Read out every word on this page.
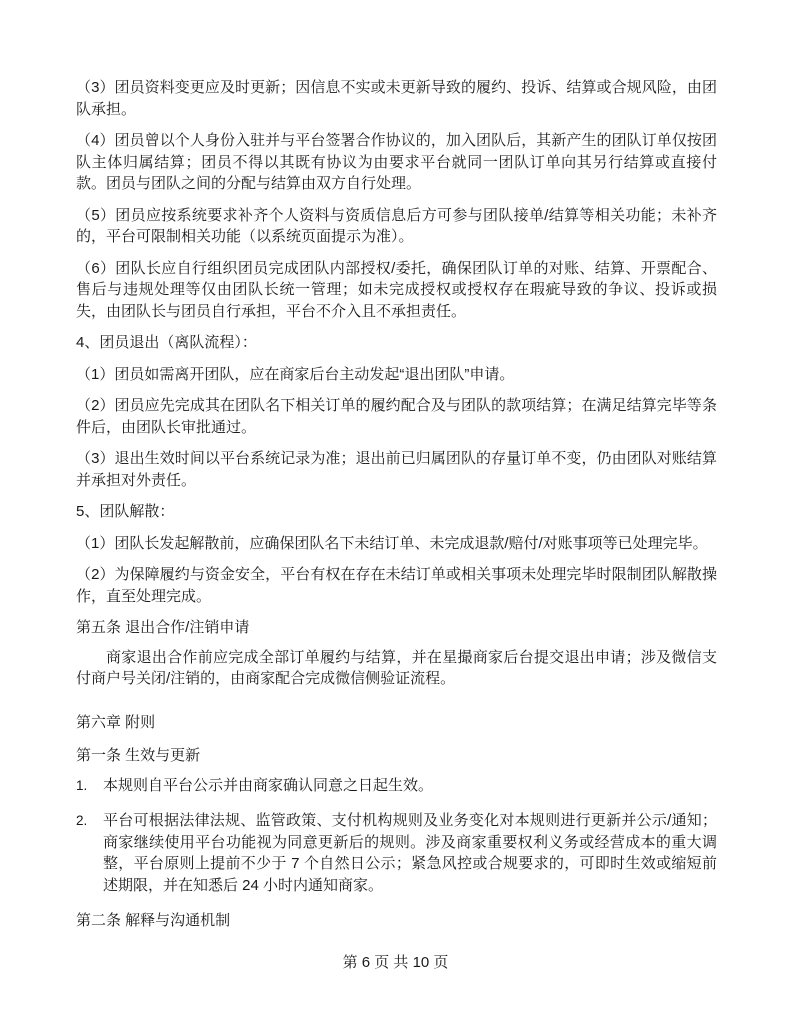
（3）团员资料变更应及时更新；因信息不实或未更新导致的履约、投诉、结算或合规风险，由团队承担。
（4）团员曾以个人身份入驻并与平台签署合作协议的，加入团队后，其新产生的团队订单仅按团队主体归属结算；团员不得以其既有协议为由要求平台就同一团队订单向其另行结算或直接付款。团员与团队之间的分配与结算由双方自行处理。
（5）团员应按系统要求补齐个人资料与资质信息后方可参与团队接单/结算等相关功能；未补齐的，平台可限制相关功能（以系统页面提示为准）。
（6）团队长应自行组织团员完成团队内部授权/委托，确保团队订单的对账、结算、开票配合、售后与违规处理等仅由团队长统一管理；如未完成授权或授权存在瑕疵导致的争议、投诉或损失，由团队长与团员自行承担，平台不介入且不承担责任。
4、团员退出（离队流程）：
（1）团员如需离开团队，应在商家后台主动发起“退出团队”申请。
（2）团员应先完成其在团队名下相关订单的履约配合及与团队的款项结算；在满足结算完毕等条件后，由团队长审批通过。
（3）退出生效时间以平台系统记录为准；退出前已归属团队的存量订单不变，仍由团队对账结算并承担对外责任。
5、团队解散：
（1）团队长发起解散前，应确保团队名下未结订单、未完成退款/赔付/对账事项等已处理完毕。
（2）为保障履约与资金安全，平台有权在存在未结订单或相关事项未处理完毕时限制团队解散操作，直至处理完成。
第五条 退出合作/注销申请
商家退出合作前应完成全部订单履约与结算，并在星撮商家后台提交退出申请；涉及微信支付商户号关闭/注销的，由商家配合完成微信侧验证流程。
第六章 附则
第一条 生效与更新
1.	本规则自平台公示并由商家确认同意之日起生效。
2.	平台可根据法律法规、监管政策、支付机构规则及业务变化对本规则进行更新并公示/通知；商家继续使用平台功能视为同意更新后的规则。涉及商家重要权利义务或经营成本的重大调整，平台原则上提前不少于 7 个自然日公示；紧急风控或合规要求的，可即时生效或缩短前述期限，并在知悉后 24 小时内通知商家。
第二条 解释与沟通机制
第 6 页 共 10 页
